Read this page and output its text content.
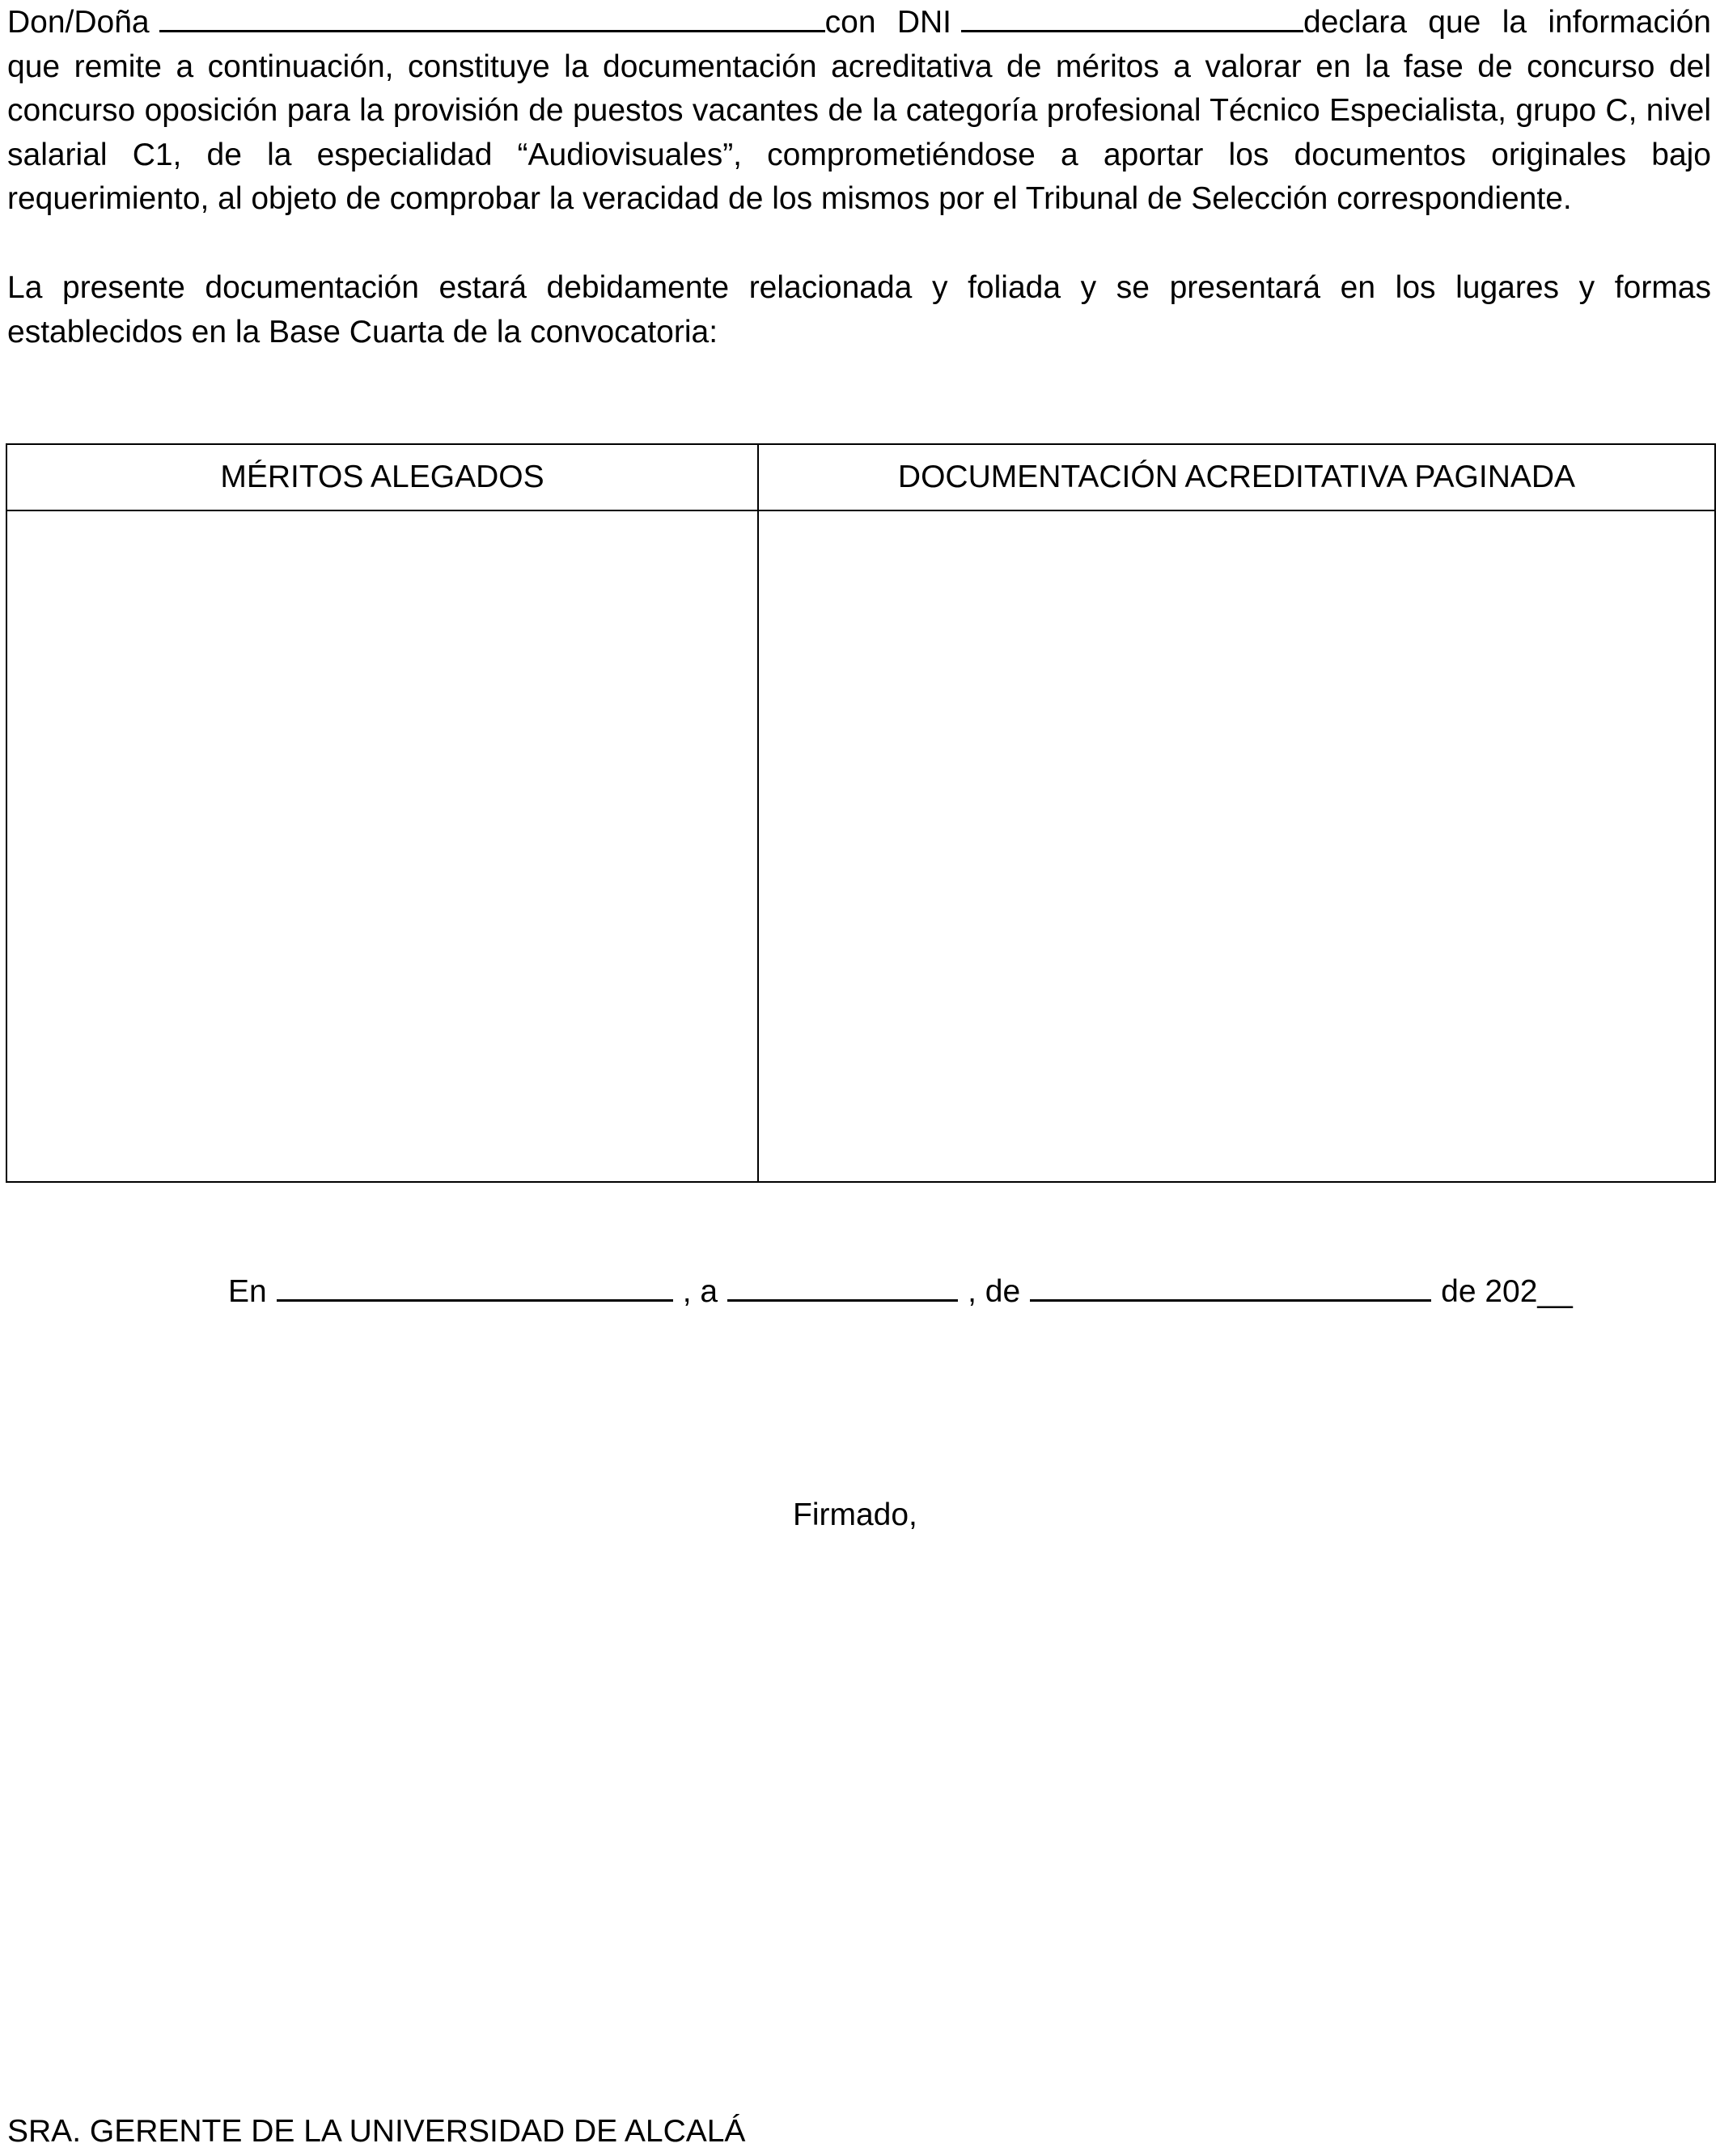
Don/Doña	con DNI	declara que la información que remite a continuación, constituye la documentación acreditativa de méritos a valorar en la fase de concurso del concurso oposición para la provisión de puestos vacantes de la categoría profesional Técnico Especialista, grupo C, nivel salarial C1, de la especialidad “Audiovisuales”, comprometiéndose a aportar los documentos originales bajo requerimiento, al objeto de comprobar la veracidad de los mismos por el Tribunal de Selección correspondiente.

La presente documentación estará debidamente relacionada y foliada y se presentará en los lugares y formas establecidos en la Base Cuarta de la convocatoria:

MÉRITOS ALEGADOS	DOCUMENTACIÓN ACREDITATIVA PAGINADA

En	, a	, de	de 202__
Firmado,
SRA. GERENTE DE LA UNIVERSIDAD DE ALCALÁ
